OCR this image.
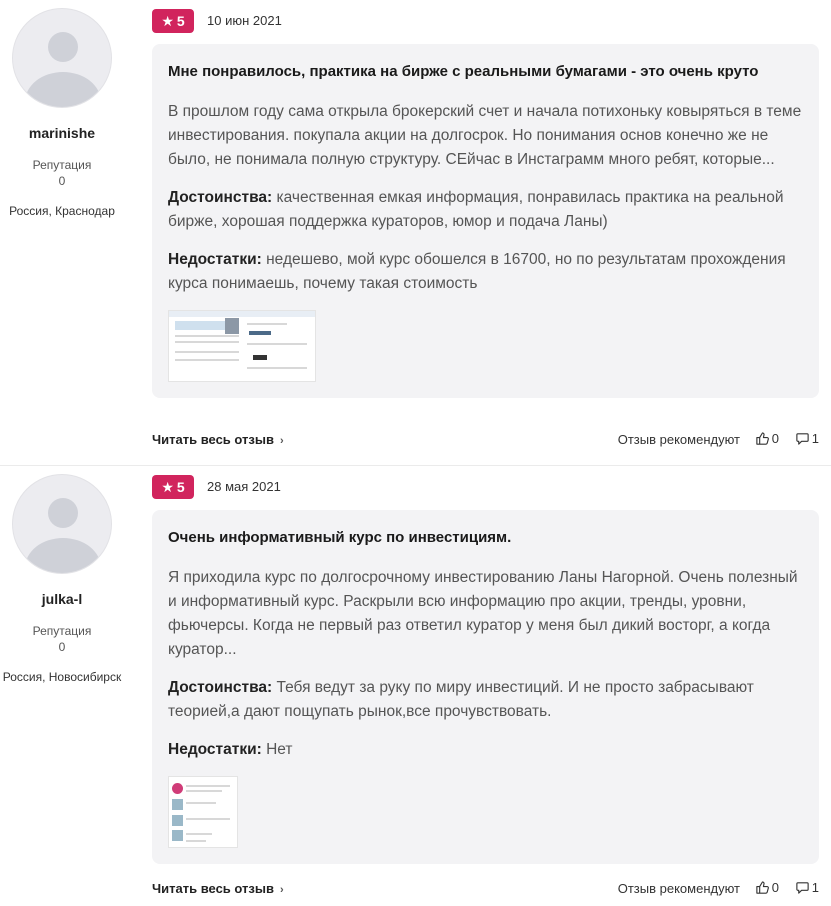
marinishe
Репутация
0
Россия, Краснодар
★ 5 10 июн 2021
Мне понравилось, практика на бирже с реальными бумагами - это очень круто

В прошлом году сама открыла брокерский счет и начала потихоньку ковыряться в теме инвестирования. покупала акции на долгосрок. Но понимания основ конечно же не было, не понимала полную структуру. СЕйчас в Инстаграмм много ребят, которые...

Достоинства: качественная емкая информация, понравилась практика на реальной бирже, хорошая поддержка кураторов, юмор и подача Ланы)

Недостатки: недешево, мой курс обошелся в 16700, но по результатам прохождения курса понимаешь, почему такая стоимость

Читать весь отзыв ›	Отзыв рекомендуют 0	1
julka-l
Репутация
0
Россия, Новосибирск
★ 5 28 мая 2021
Очень информативный курс по инвестициям.

Я приходила курс по долгосрочному инвестированию Ланы Нагорной. Очень полезный и информативный курс. Раскрыли всю информацию про акции, тренды, уровни, фьючерсы. Когда не первый раз ответил куратор у меня был дикий восторг, а когда куратор...

Достоинства: Тебя ведут за руку по миру инвестиций. И не просто забрасывают теорией,а дают пощупать рынок,все прочувствовать.

Недостатки: Нет

Читать весь отзыв ›	Отзыв рекомендуют 0	1
